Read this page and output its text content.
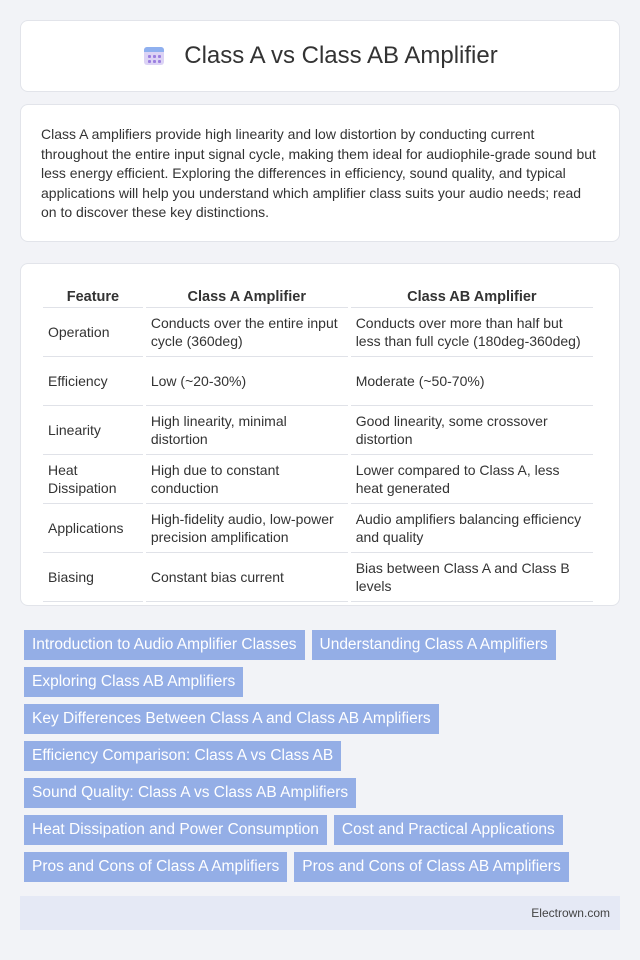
Class A vs Class AB Amplifier

Class A amplifiers provide high linearity and low distortion by conducting current throughout the entire input signal cycle, making them ideal for audiophile-grade sound but less energy efficient. Exploring the differences in efficiency, sound quality, and typical applications will help you understand which amplifier class suits your audio needs; read on to discover these key distinctions.

Feature	Class A Amplifier	Class AB Amplifier
Operation	Conducts over the entire input cycle (360deg)	Conducts over more than half but less than full cycle (180deg-360deg)
Efficiency	Low (~20-30%)	Moderate (~50-70%)
Linearity	High linearity, minimal distortion	Good linearity, some crossover distortion
Heat Dissipation	High due to constant conduction	Lower compared to Class A, less heat generated
Applications	High-fidelity audio, low-power precision amplification	Audio amplifiers balancing efficiency and quality
Biasing	Constant bias current	Bias between Class A and Class B levels
Introduction to Audio Amplifier Classes	Understanding Class A Amplifiers
Exploring Class AB Amplifiers
Key Differences Between Class A and Class AB Amplifiers
Efficiency Comparison: Class A vs Class AB
Sound Quality: Class A vs Class AB Amplifiers
Heat Dissipation and Power Consumption	Cost and Practical Applications
Pros and Cons of Class A Amplifiers	Pros and Cons of Class AB Amplifiers
Electrown.com
